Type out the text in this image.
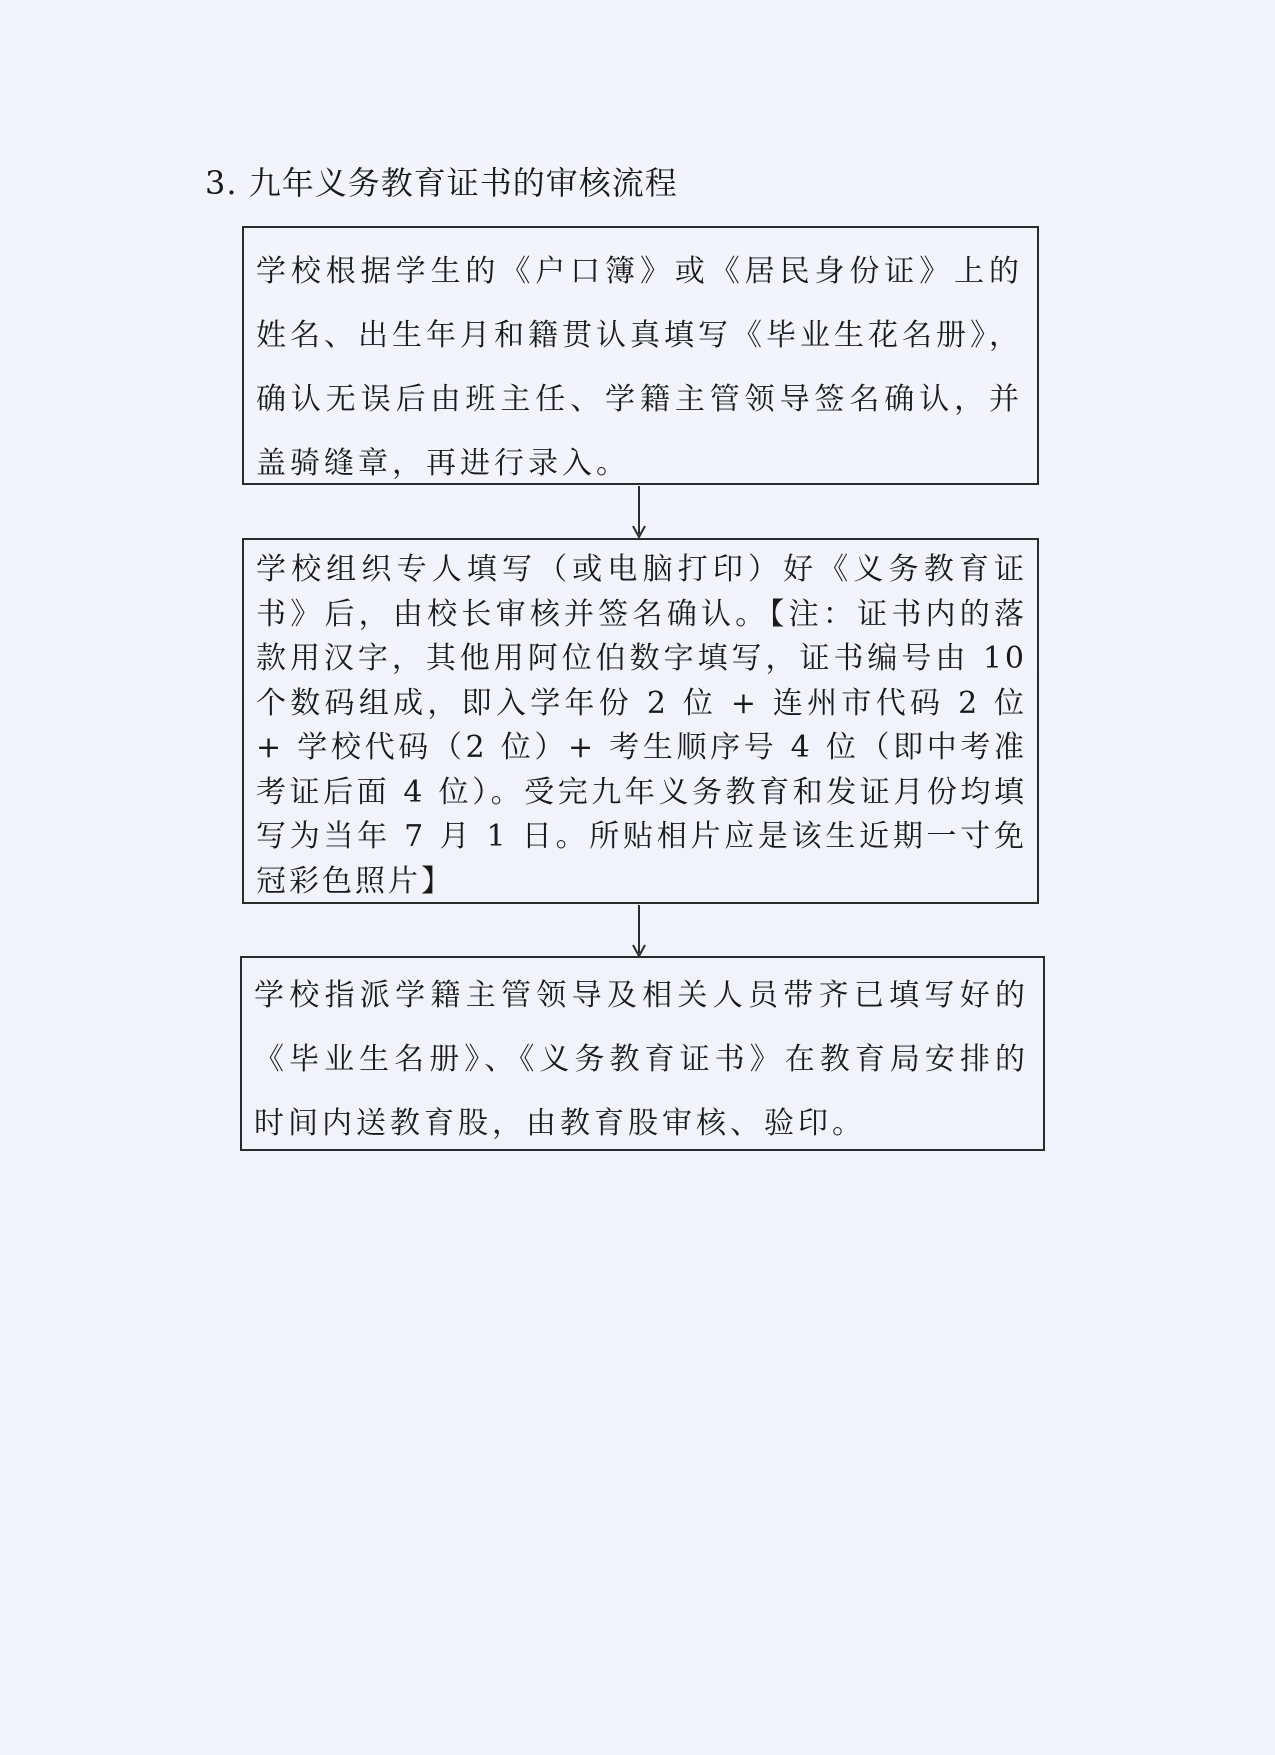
3. 九年义务教育证书的审核流程
学校根据学生的《户口簿》或《居民身份证》上的姓名、出生年月和籍贯认真填写《毕业生花名册》，确认无误后由班主任、学籍主管领导签名确认，并盖骑缝章，再进行录入。
学校组织专人填写（或电脑打印）好《义务教育证书》后，由校长审核并签名确认。【注：证书内的落款用汉字，其他用阿位伯数字填写，证书编号由 10 个数码组成，即入学年份 2 位 + 连州市代码 2 位 + 学校代码（2 位）+ 考生顺序号 4 位（即中考准考证后面 4 位）。受完九年义务教育和发证月份均填写为当年 7 月 1 日。所贴相片应是该生近期一寸免冠彩色照片】
学校指派学籍主管领导及相关人员带齐已填写好的《毕业生名册》、《义务教育证书》在教育局安排的时间内送教育股，由教育股审核、验印。
